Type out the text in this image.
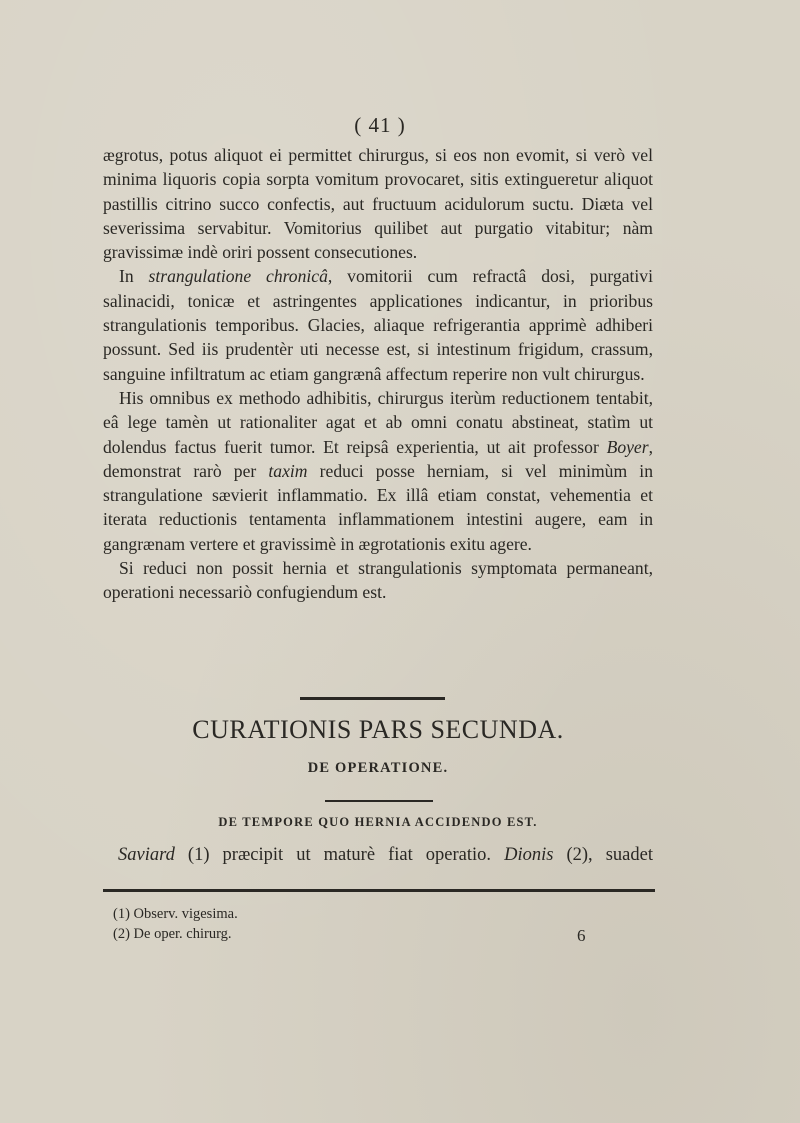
( 41 )

ægrotus, potus aliquot ei permittet chirurgus, si eos non evomit, si verò vel minima liquoris copia sorpta vomitum provocaret, sitis extingueretur aliquot pastillis citrino succo confectis, aut fructuum acidulorum suctu. Diæta vel severissima servabitur. Vomitorius quilibet aut purgatio vitabitur; nàm gravissimæ indè oriri possent consecutiones.

In strangulatione chronicâ, vomitorii cum refractâ dosi, purgativi salinacidi, tonicæ et astringentes applicationes indicantur, in prioribus strangulationis temporibus. Glacies, aliaque refrigerantia apprimè adhiberi possunt. Sed iis prudentèr uti necesse est, si intestinum frigidum, crassum, sanguine infiltratum ac etiam gangrænâ affectum reperire non vult chirurgus.

His omnibus ex methodo adhibitis, chirurgus iterùm reductionem tentabit, eâ lege tamèn ut rationaliter agat et ab omni conatu abstineat, statìm ut dolendus factus fuerit tumor. Et reipsâ experientia, ut ait professor Boyer, demonstrat rarò per taxim reduci posse herniam, si vel minimùm in strangulatione sævierit inflammatio. Ex illâ etiam constat, vehementia et iterata reductionis tentamenta inflammationem intestini augere, eam in gangrænam vertere et gravissimè in ægrotationis exitu agere.

Si reduci non possit hernia et strangulationis symptomata permaneant, operationi necessariò confugiendum est.

CURATIONIS PARS SECUNDA.
DE OPERATIONE.
DE TEMPORE QUO HERNIA ACCIDENDO EST.
Saviard (1) præcipit ut maturè fiat operatio. Dionis (2), suadet
(1) Observ. vigesima.
(2) De oper. chirurg.	6
